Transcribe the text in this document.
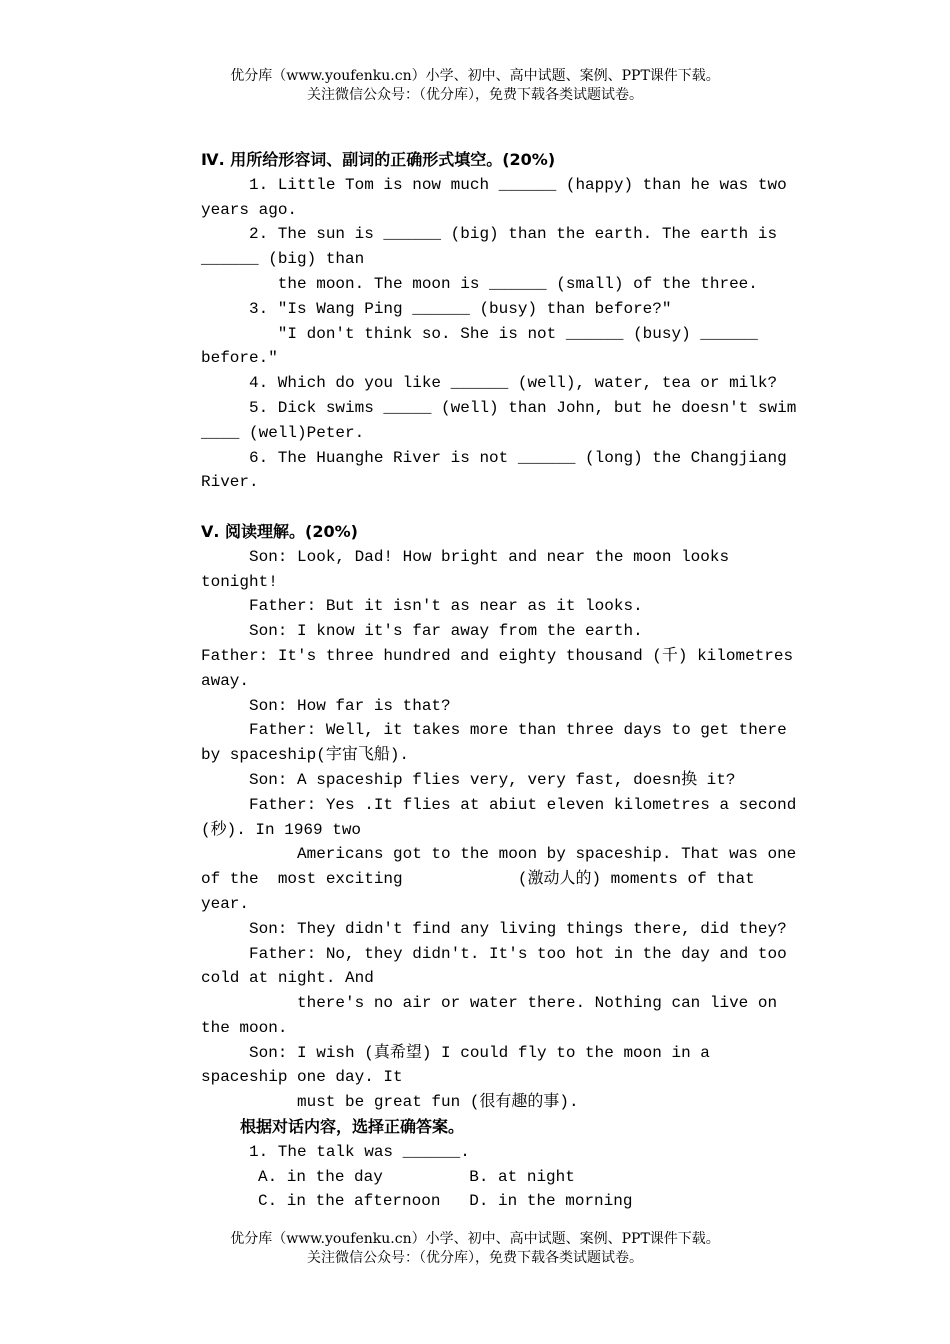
优分库（www.youfenku.cn）小学、初中、高中试题、案例、PPT课件下载。
关注微信公众号：（优分库），免费下载各类试题试卷。
Ⅳ. 用所给形容词、副词的正确形式填空。(20%)
1. Little Tom is now much ______ (happy) than he was two
years ago.
2. The sun is ______ (big) than the earth. The earth is
______ (big) than
the moon. The moon is ______ (small) of the three.
3. "Is Wang Ping ______ (busy) than before?"
"I don't think so. She is not ______ (busy) ______
before."
4. Which do you like ______ (well), water, tea or milk?
5. Dick swims _____ (well) than John, but he doesn't swim
____ (well)Peter.
6. The Huanghe River is not ______ (long) the Changjiang
River.
Ⅴ. 阅读理解。(20%)
Son: Look, Dad! How bright and near the moon looks
tonight!
Father: But it isn't as near as it looks.
Son: I know it's far away from the earth.
Father: It's three hundred and eighty thousand (千) kilometres
away.
Son: How far is that?
Father: Well, it takes more than three days to get there
by spaceship(宇宙飞船).
Son: A spaceship flies very, very fast, doesn换 it?
Father: Yes .It flies at abiut eleven kilometres a second
(秒). In 1969 two
Americans got to the moon by spaceship. That was one
of the  most exciting            (激动人的) moments of that
year.
Son: They didn't find any living things there, did they?
Father: No, they didn't. It's too hot in the day and too
cold at night. And
there's no air or water there. Nothing can live on
the moon.
Son: I wish (真希望) I could fly to the moon in a
spaceship one day. It
must be great fun (很有趣的事).
根据对话内容，选择正确答案。
1. The talk was ______.
A. in the day         B. at night
C. in the afternoon   D. in the morning
优分库（www.youfenku.cn）小学、初中、高中试题、案例、PPT课件下载。
关注微信公众号：（优分库），免费下载各类试题试卷。
